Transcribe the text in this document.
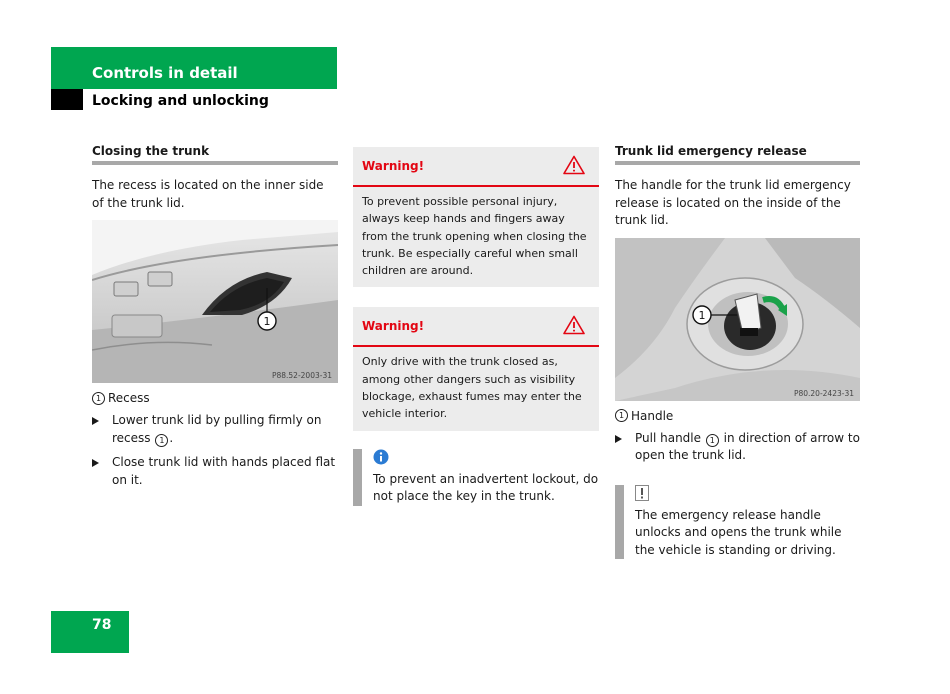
Controls in detail
Locking and unlocking
Closing the trunk
The recess is located on the inner side of the trunk lid.
1
P88.52-2003-31
1 Recess
Lower trunk lid by pulling firmly on recess 1 .
Close trunk lid with hands placed flat on it.
Warning!
To prevent possible personal injury, always keep hands and fingers away from the trunk opening when closing the trunk. Be especially careful when small children are around.
Warning!
Only drive with the trunk closed as, among other dangers such as visibility blockage, exhaust fumes may enter the vehicle interior.
To prevent an inadvertent lockout, do not place the key in the trunk.
Trunk lid emergency release
The handle for the trunk lid emergency release is located on the inside of the trunk lid.
1
P80.20-2423-31
1 Handle
Pull handle 1 in direction of arrow to open the trunk lid.
The emergency release handle unlocks and opens the trunk while the vehicle is standing or driving.
78
